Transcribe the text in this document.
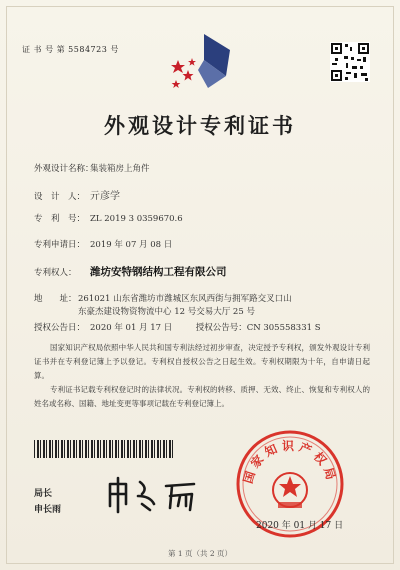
证 书 号 第 5584723 号
外观设计专利证书
外观设计名称：集装箱房上角件
设　计　人： 亓彦学
专　利　号： ZL 2019 3 0359670.6
专利申请日： 2019 年 07 月 08 日
专利权人： 潍坊安特钢结构工程有限公司
地　　址： 261021 山东省潍坊市潍城区东风西街与拥军路交叉口山
东豪杰建设物资物流中心 12 号交易大厅 25 号
授权公告日： 2020 年 01 月 17 日	授权公告号：CN 305558331 S
国家知识产权局依照中华人民共和国专利法经过初步审查，决定授予专利权，颁发外观设计专利证书并在专利登记簿上予以登记。专利权自授权公告之日起生效。专利权期限为十年，自申请日起算。
专利证书记载专利权登记时的法律状况。专利权的转移、质押、无效、终止、恢复和专利权人的姓名或名称、国籍、地址变更等事项记载在专利登记簿上。
局长
申长雨
国家知识产权局
2020 年 01 月 17 日
第 1 页（共 2 页）
